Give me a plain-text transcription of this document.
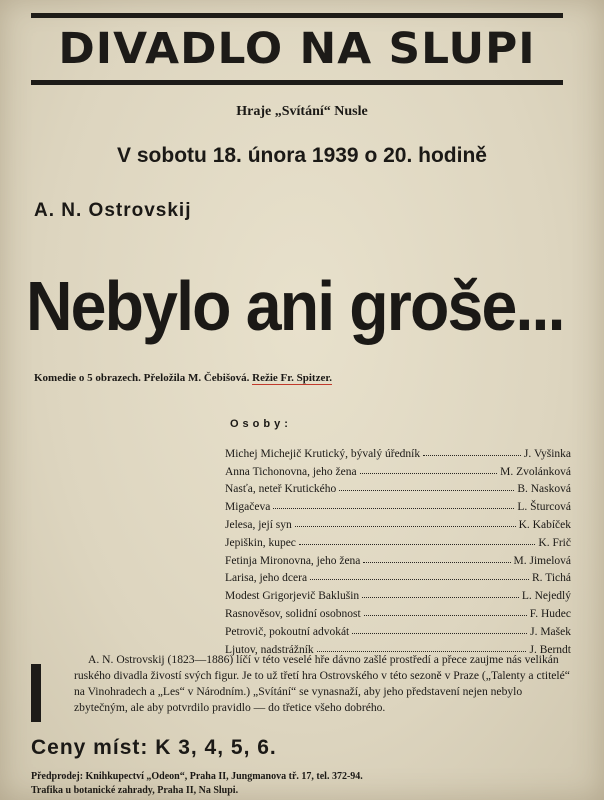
DIVADLO NA SLUPI
Hraje „Svítání“ Nusle
V sobotu 18. února 1939 o 20. hodině
A. N. Ostrovskij
Nebylo ani groše...
Komedie o 5 obrazech. Přeložila M. Čebišová. Režie Fr. Spitzer.
Osoby:
Michej Michejič Krutický, bývalý úředník	J. Vyšinka
Anna Tichonovna, jeho žena	M. Zvolánková
Nasťa, neteř Krutického	B. Nasková
Migačeva	L. Šturcová
Jelesa, její syn	K. Kabíček
Jepiškin, kupec	K. Frič
Fetinja Mironovna, jeho žena	M. Jimelová
Larisa, jeho dcera	R. Tichá
Modest Grigorjevič Baklušin	L. Nejedlý
Rasnověsov, solidní osobnost	F. Hudec
Petrovič, pokoutní advokát	J. Mašek
Ljutov, nadstrážník	J. Berndt

A. N. Ostrovskij (1823—1886) líčí v této veselé hře dávno zašlé prostředí a přece zaujme nás velikán ruského divadla živostí svých figur. Je to už třetí hra Ostrovského v této sezoně v Praze („Talenty a ctitelé“ na Vinohradech a „Les“ v Národním.) „Svítání“ se vynasnaží, aby jeho představení nejen nebylo zbytečným, ale aby potvrdilo pravidlo — do třetice všeho dobrého.

Ceny míst: K 3, 4, 5, 6.
Předprodej: Knihkupectví „Odeon“, Praha II, Jungmanova tř. 17, tel. 372-94.
Trafika u botanické zahrady, Praha II, Na Slupi.
